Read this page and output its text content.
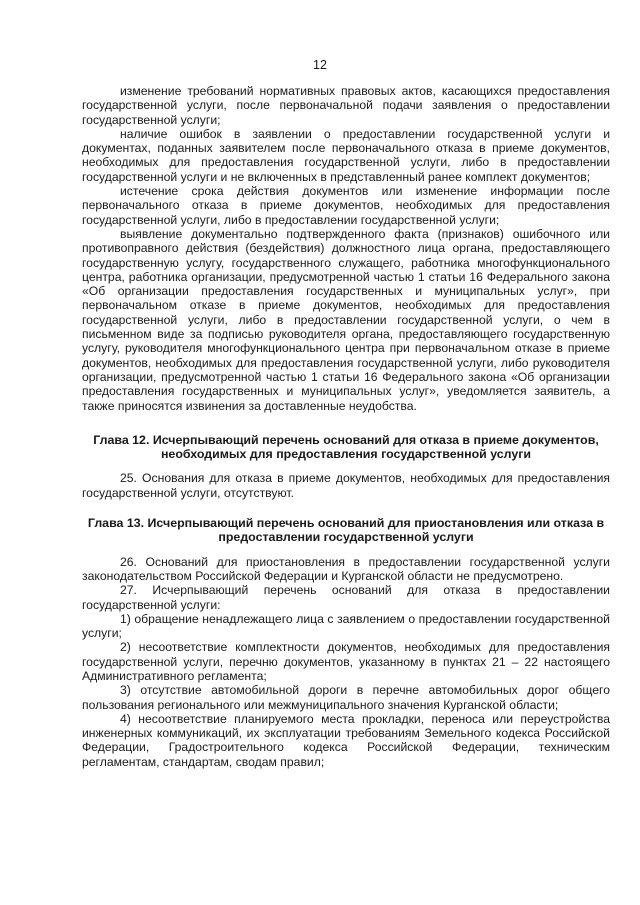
12

изменение требований нормативных правовых актов, касающихся предоставления государственной услуги, после первоначальной подачи заявления о предоставлении государственной услуги;

наличие ошибок в заявлении о предоставлении государственной услуги и документах, поданных заявителем после первоначального отказа в приеме документов, необходимых для предоставления государственной услуги, либо в предоставлении государственной услуги и не включенных в представленный ранее комплект документов;

истечение срока действия документов или изменение информации после первоначального отказа в приеме документов, необходимых для предоставления государственной услуги, либо в предоставлении государственной услуги;

выявление документально подтвержденного факта (признаков) ошибочного или противоправного действия (бездействия) должностного лица органа, предоставляющего государственную услугу, государственного служащего, работника многофункционального центра, работника организации, предусмотренной частью 1 статьи 16 Федерального закона «Об организации предоставления государственных и муниципальных услуг», при первоначальном отказе в приеме документов, необходимых для предоставления государственной услуги, либо в предоставлении государственной услуги, о чем в письменном виде за подписью руководителя органа, предоставляющего государственную услугу, руководителя многофункционального центра при первоначальном отказе в приеме документов, необходимых для предоставления государственной услуги, либо руководителя организации, предусмотренной частью 1 статьи 16 Федерального закона «Об организации предоставления государственных и муниципальных услуг», уведомляется заявитель, а также приносятся извинения за доставленные неудобства.

Глава 12. Исчерпывающий перечень оснований для отказа в приеме документов, необходимых для предоставления государственной услуги

25. Основания для отказа в приеме документов, необходимых для предоставления государственной услуги, отсутствуют.

Глава 13. Исчерпывающий перечень оснований для приостановления или отказа в предоставлении государственной услуги

26. Оснований для приостановления в предоставлении государственной услуги законодательством Российской Федерации и Курганской области не предусмотрено.

27. Исчерпывающий перечень оснований для отказа в предоставлении государственной услуги:

1) обращение ненадлежащего лица с заявлением о предоставлении государственной услуги;

2) несоответствие комплектности документов, необходимых для предоставления государственной услуги, перечню документов, указанному в пунктах 21 – 22 настоящего Административного регламента;

3) отсутствие автомобильной дороги в перечне автомобильных дорог общего пользования регионального или межмуниципального значения Курганской области;

4) несоответствие планируемого места прокладки, переноса или переустройства инженерных коммуникаций, их эксплуатации требованиям Земельного кодекса Российской Федерации, Градостроительного кодекса Российской Федерации, техническим регламентам, стандартам, сводам правил;
